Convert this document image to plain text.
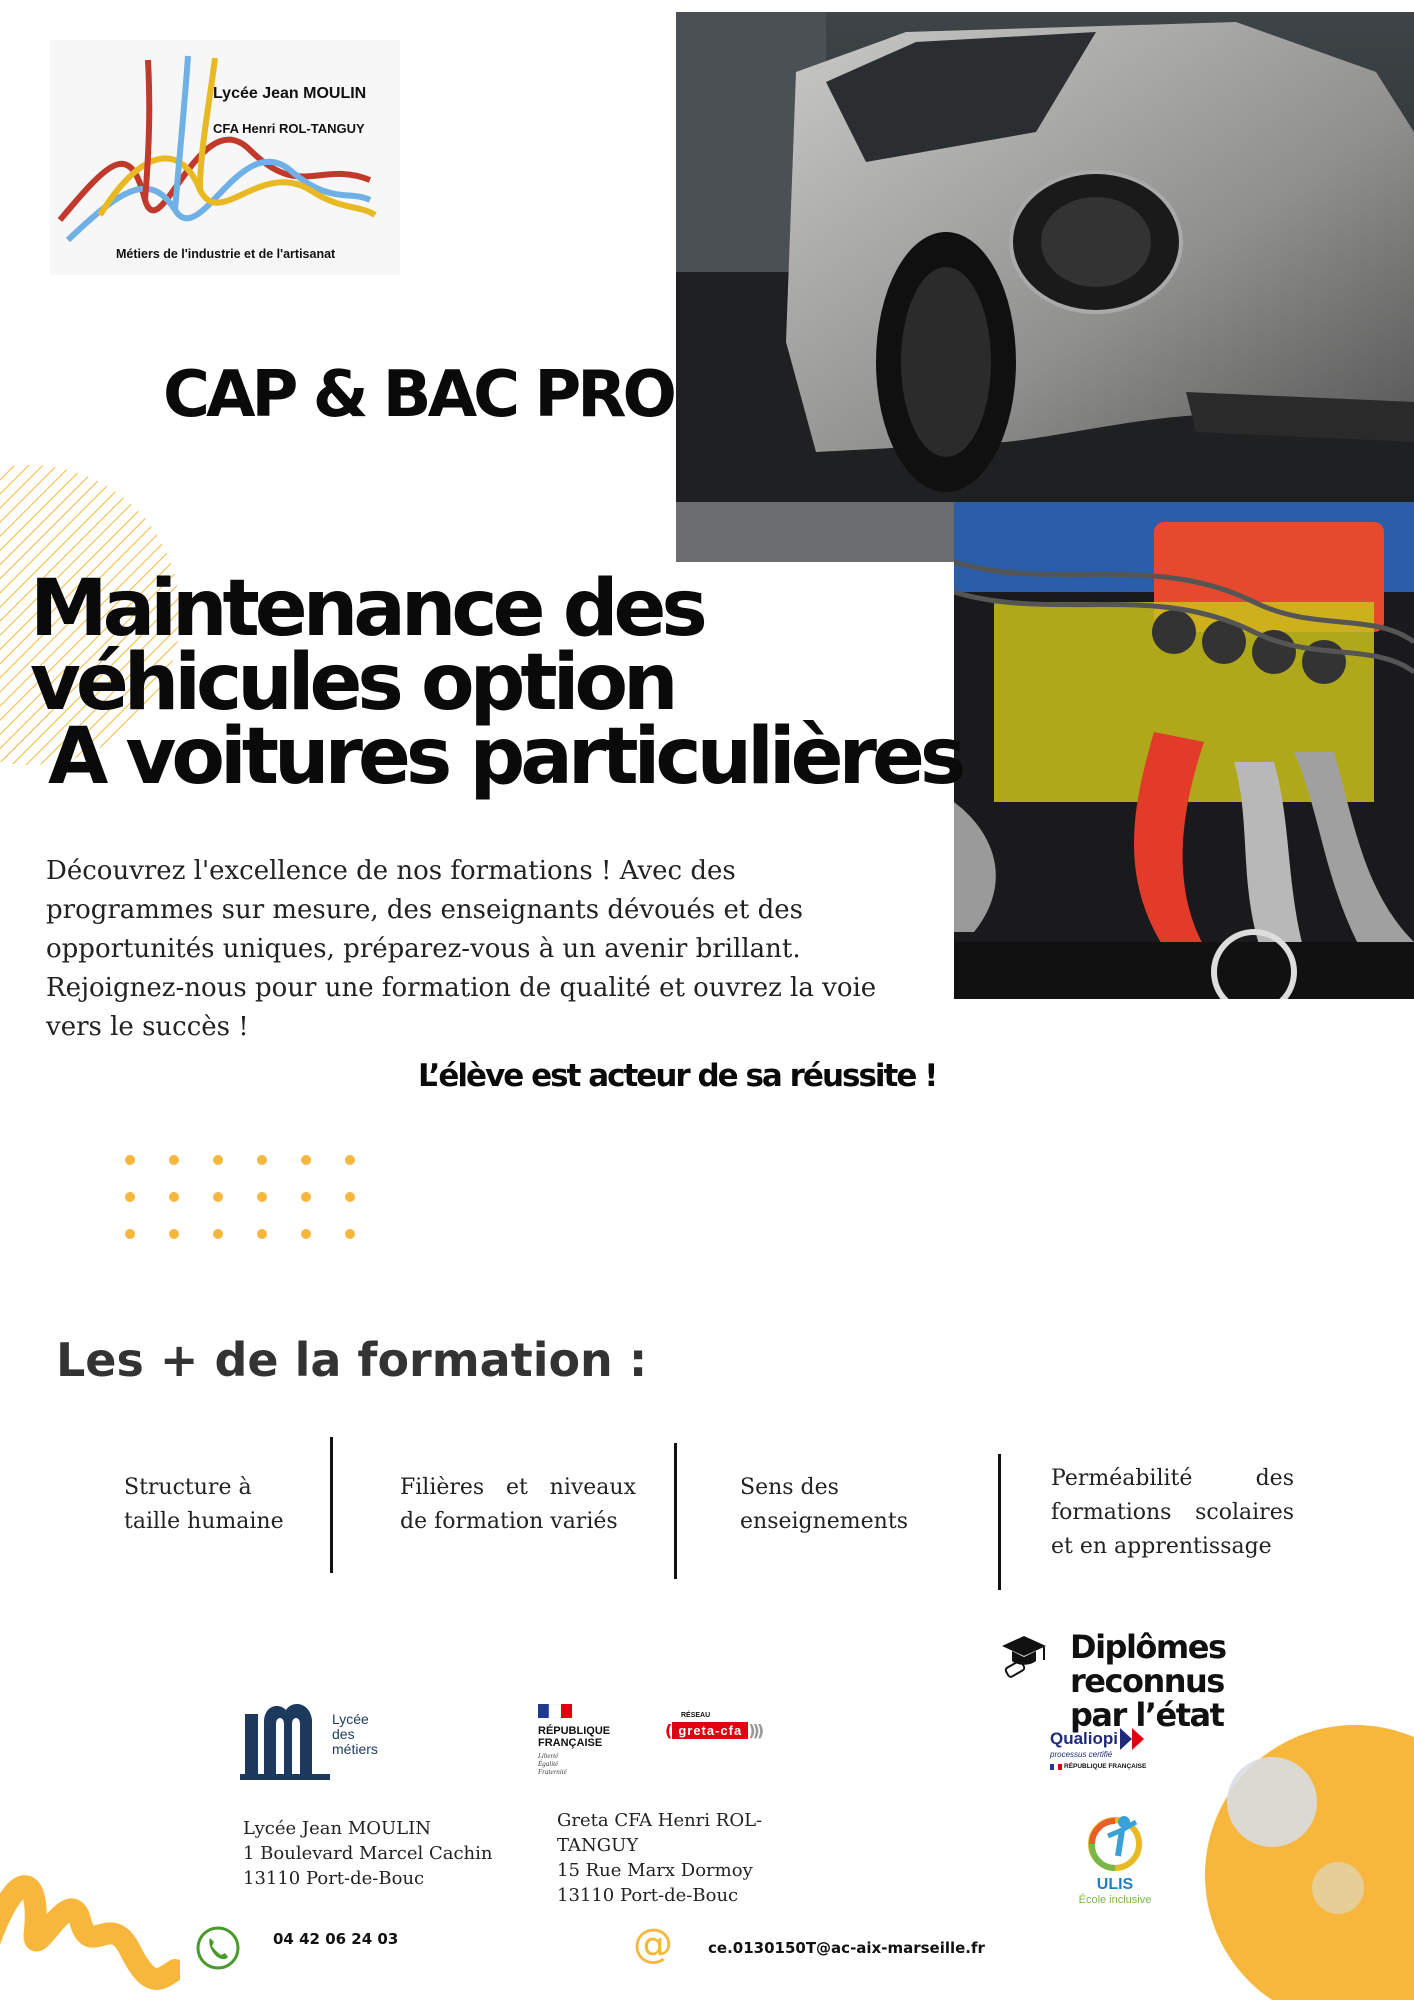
Lycée Jean MOULIN
CFA Henri ROL-TANGUY
Métiers de l'industrie et de l'artisanat
CAP & BAC PRO
Maintenance des
véhicules option
A voitures particulières
Découvrez l'excellence de nos formations ! Avec des programmes sur mesure, des enseignants dévoués et des opportunités uniques, préparez-vous à un avenir brillant. Rejoignez-nous pour une formation de qualité et ouvrez la voie vers le succès !
L’élève est acteur de sa réussite !
Les + de la formation :
Structure à
taille humaine
Filières et niveaux
de formation variés
Sens des
enseignements
Perméabilité des
formations scolaires
et en apprentissage
Diplômes reconnus
par l’état
Lycée
des
métiers
RÉPUBLIQUE
FRANÇAISE
Liberté
Égalité
Fraternité
RÉSEAU
( greta-cfa )))	Qualiopi
processus certifié
RÉPUBLIQUE FRANÇAISE
ULIS
École inclusive
Lycée Jean MOULIN
1 Boulevard Marcel Cachin
13110 Port-de-Bouc
Greta CFA Henri ROL-
TANGUY
15 Rue Marx Dormoy
13110 Port-de-Bouc
04 42 06 24 03	@ ce.0130150T@ac-aix-marseille.fr
